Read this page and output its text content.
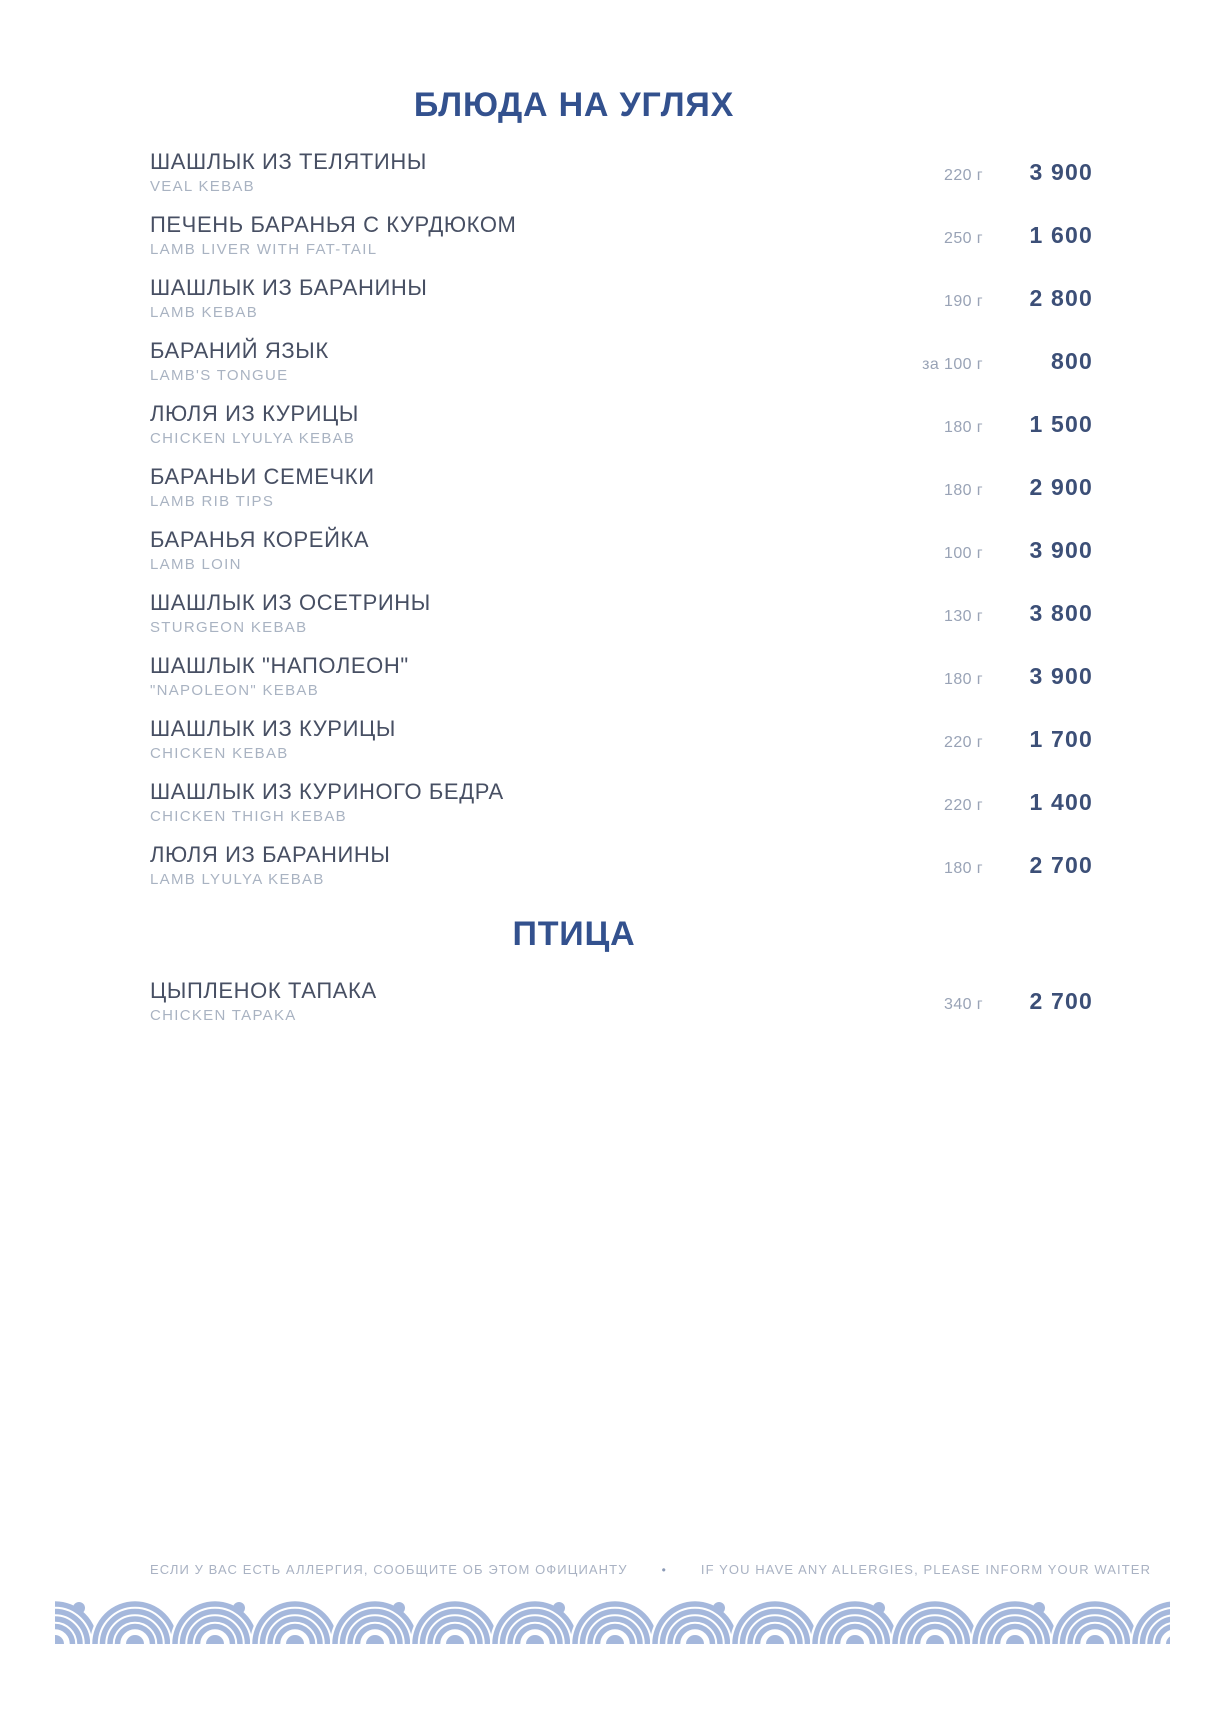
БЛЮДА НА УГЛЯХ
ШАШЛЫК ИЗ ТЕЛЯТИНЫ
VEAL KEBAB
220 г	3 900
ПЕЧЕНЬ БАРАНЬЯ С КУРДЮКОМ
LAMB LIVER WITH FAT-TAIL
250 г	1 600
ШАШЛЫК ИЗ БАРАНИНЫ
LAMB KEBAB
190 г	2 800
БАРАНИЙ ЯЗЫК
LAMB'S TONGUE
за 100 г	800
ЛЮЛЯ ИЗ КУРИЦЫ
CHICKEN LYULYA KEBAB
180 г	1 500
БАРАНЬИ СЕМЕЧКИ
LAMB RIB TIPS
180 г	2 900
БАРАНЬЯ КОРЕЙКА
LAMB LOIN
100 г	3 900
ШАШЛЫК ИЗ ОСЕТРИНЫ
STURGEON KEBAB
130 г	3 800
ШАШЛЫК "НАПОЛЕОН"
"NAPOLEON" KEBAB
180 г	3 900
ШАШЛЫК ИЗ КУРИЦЫ
CHICKEN KEBAB
220 г	1 700
ШАШЛЫК ИЗ КУРИНОГО БЕДРА
CHICKEN THIGH KEBAB
220 г	1 400
ЛЮЛЯ ИЗ БАРАНИНЫ
LAMB LYULYA KEBAB
180 г	2 700
ПТИЦА
ЦЫПЛЕНОК ТАПАКА
CHICKEN TAPAKA
340 г	2 700
ЕСЛИ У ВАС ЕСТЬ АЛЛЕРГИЯ, СООБЩИТЕ ОБ ЭТОМ ОФИЦИАНТУ	•	IF YOU HAVE ANY ALLERGIES, PLEASE INFORM YOUR WAITER
